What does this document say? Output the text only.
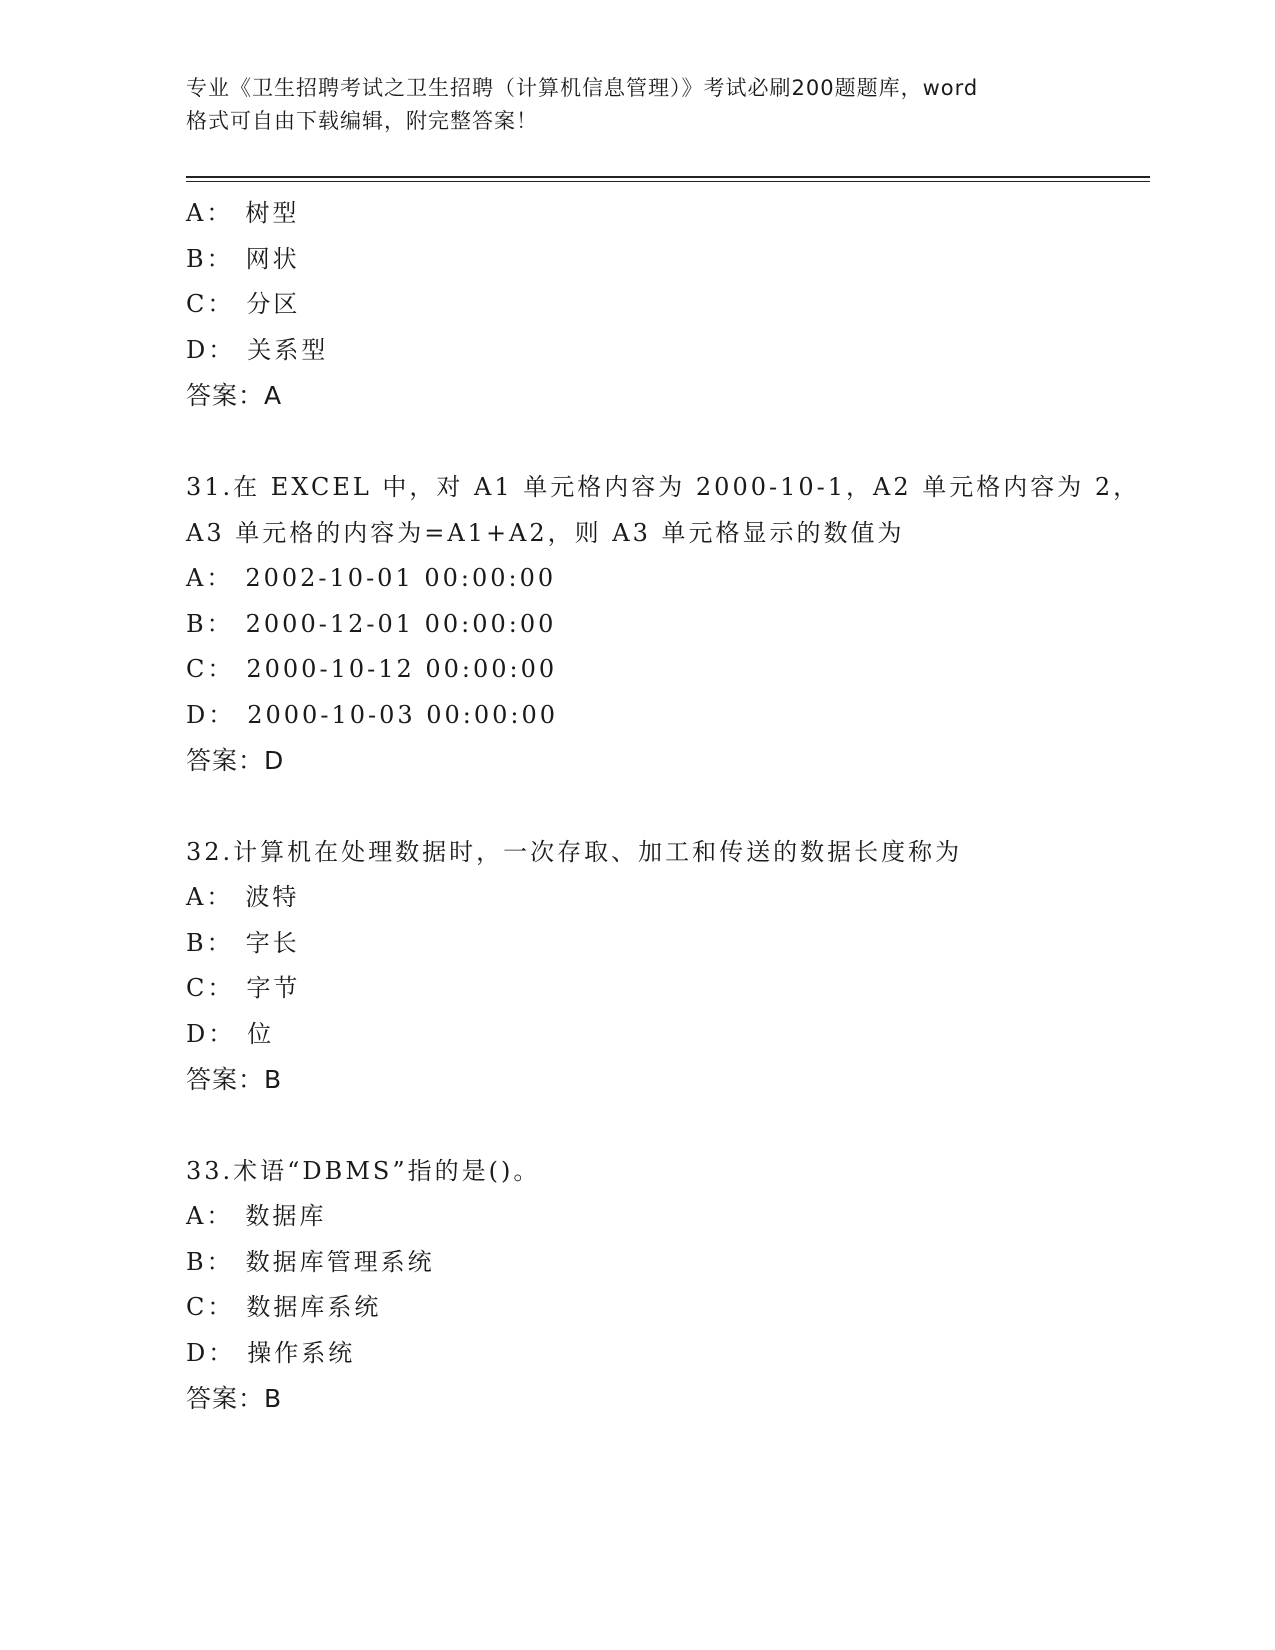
专业《卫生招聘考试之卫生招聘（计算机信息管理）》考试必刷200题题库，word
格式可自由下载编辑，附完整答案！
A： 树型
B： 网状
C： 分区
D： 关系型
答案：A
31.在 EXCEL 中，对 A1 单元格内容为 2000-10-1，A2 单元格内容为 2，
A3 单元格的内容为=A1+A2，则 A3 单元格显示的数值为
A： 2002-10-01 00:00:00
B： 2000-12-01 00:00:00
C： 2000-10-12 00:00:00
D： 2000-10-03 00:00:00
答案：D
32.计算机在处理数据时，一次存取、加工和传送的数据长度称为
A： 波特
B： 字长
C： 字节
D： 位
答案：B
33.术语“DBMS”指的是()。
A： 数据库
B： 数据库管理系统
C： 数据库系统
D： 操作系统
答案：B
